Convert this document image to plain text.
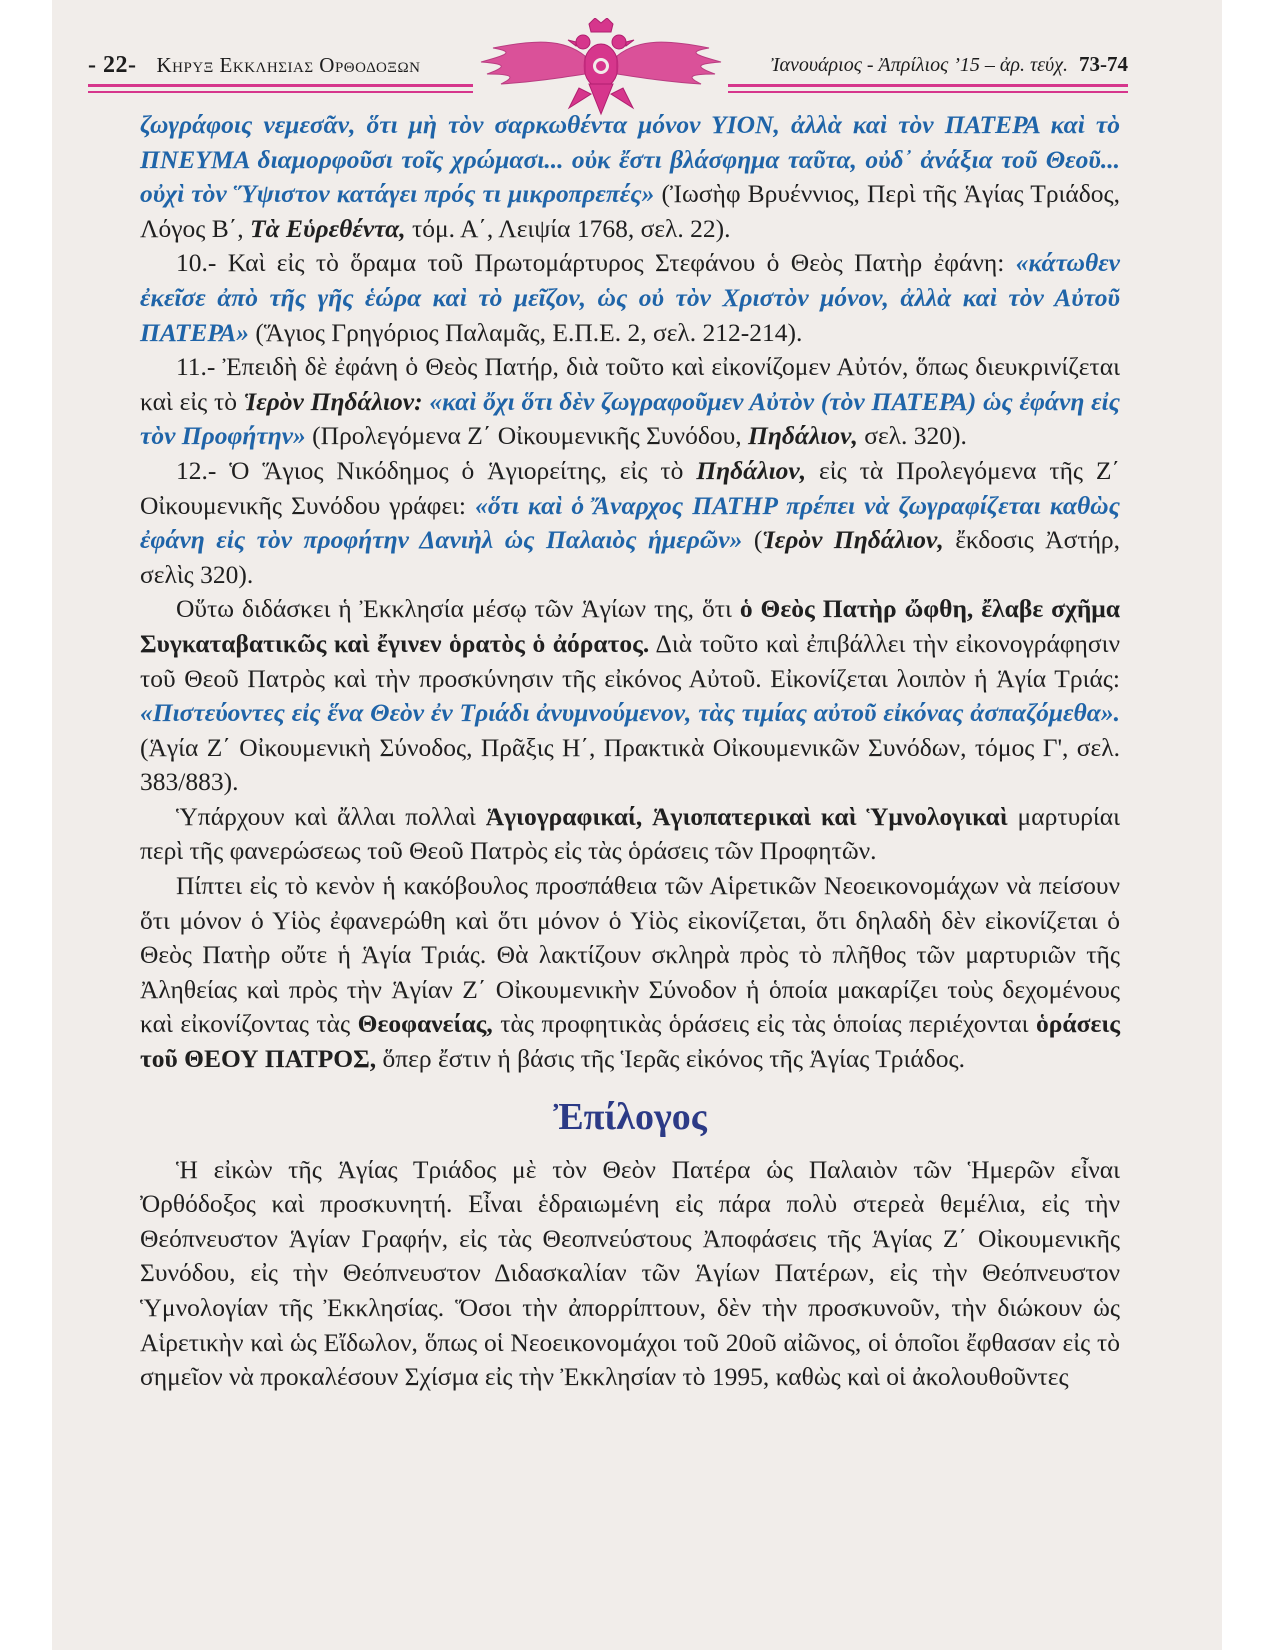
- 22- Κηρυξ Εκκλησιας Ορθοδοξων	Ἰανουάριος - Ἀπρίλιος ’15 – ἀρ. τεύχ. 73-74

ζωγράφοις νεμεσᾶν, ὅτι μὴ τὸν σαρκωθέντα μόνον ΥΙΟΝ, ἀλλὰ καὶ τὸν ΠΑΤΕΡΑ καὶ τὸ ΠΝΕΥΜΑ διαμορφοῦσι τοῖς χρώμασι... οὐκ ἔστι βλάσφημα ταῦτα, οὐδ᾽ ἀνάξια τοῦ Θεοῦ... οὐχὶ τὸν Ὕψιστον κατάγει πρός τι μικροπρεπές» (Ἰωσὴφ Βρυέννιος, Περὶ τῆς Ἁγίας Τριάδος, Λόγος Β΄, Τὰ Εὑρεθέντα, τόμ. Α΄, Λειψία 1768, σελ. 22).

10.- Καὶ εἰς τὸ ὅραμα τοῦ Πρωτομάρτυρος Στεφάνου ὁ Θεὸς Πατὴρ ἐφάνη: «κάτωθεν ἐκεῖσε ἀπὸ τῆς γῆς ἑώρα καὶ τὸ μεῖζον, ὡς οὐ τὸν Χριστὸν μόνον, ἀλλὰ καὶ τὸν Αὐτοῦ ΠΑΤΕΡΑ» (Ἅγιος Γρηγόριος Παλαμᾶς, Ε.Π.Ε. 2, σελ. 212-214).

11.- Ἐπειδὴ δὲ ἐφάνη ὁ Θεὸς Πατήρ, διὰ τοῦτο καὶ εἰκονίζομεν Αὐτόν, ὅπως διευκρινίζεται καὶ εἰς τὸ Ἱερὸν Πηδάλιον: «καὶ ὄχι ὅτι δὲν ζωγραφοῦμεν Αὐτὸν (τὸν ΠΑΤΕΡΑ) ὡς ἐφάνη εἰς τὸν Προφήτην» (Προλεγόμενα Ζ΄ Οἰκουμενικῆς Συνόδου, Πηδάλιον, σελ. 320).

12.- Ὁ Ἅγιος Νικόδημος ὁ Ἁγιορείτης, εἰς τὸ Πηδάλιον, εἰς τὰ Προλεγόμενα τῆς Ζ΄ Οἰκουμενικῆς Συνόδου γράφει: «ὅτι καὶ ὁ Ἄναρχος ΠΑΤΗΡ πρέπει νὰ ζωγραφίζεται καθὼς ἐφάνη εἰς τὸν προφήτην Δανιὴλ ὡς Παλαιὸς ἡμερῶν» (Ἱερὸν Πηδάλιον, ἔκδοσις Ἀστήρ, σελὶς 320).

Οὕτω διδάσκει ἡ Ἐκκλησία μέσῳ τῶν Ἁγίων της, ὅτι ὁ Θεὸς Πατὴρ ὤφθη, ἔλαβε σχῆμα Συγκαταβατικῶς καὶ ἔγινεν ὁρατὸς ὁ ἀόρατος. Διὰ τοῦτο καὶ ἐπιβάλλει τὴν εἰκονογράφησιν τοῦ Θεοῦ Πατρὸς καὶ τὴν προσκύνησιν τῆς εἰκόνος Αὐτοῦ. Εἰκονίζεται λοιπὸν ἡ Ἁγία Τριάς: «Πιστεύοντες εἰς ἕνα Θεὸν ἐν Τριάδι ἀνυμνούμενον, τὰς τιμίας αὐτοῦ εἰκόνας ἀσπαζόμεθα». (Ἁγία Ζ΄ Οἰκουμενικὴ Σύνοδος, Πρᾶξις Η΄, Πρακτικὰ Οἰκουμενικῶν Συνόδων, τόμος Γ', σελ. 383/883).

Ὑπάρχουν καὶ ἄλλαι πολλαὶ Ἁγιογραφικαί, Ἁγιοπατερικαὶ καὶ Ὑμνολογικαὶ μαρτυρίαι περὶ τῆς φανερώσεως τοῦ Θεοῦ Πατρὸς εἰς τὰς ὁράσεις τῶν Προφητῶν.

Πίπτει εἰς τὸ κενὸν ἡ κακόβουλος προσπάθεια τῶν Αἱρετικῶν Νεοεικονομάχων νὰ πείσουν ὅτι μόνον ὁ Υἱὸς ἐφανερώθη καὶ ὅτι μόνον ὁ Υἱὸς εἰκονίζεται, ὅτι δηλαδὴ δὲν εἰκονίζεται ὁ Θεὸς Πατὴρ οὔτε ἡ Ἁγία Τριάς. Θὰ λακτίζουν σκληρὰ πρὸς τὸ πλῆθος τῶν μαρτυριῶν τῆς Ἀληθείας καὶ πρὸς τὴν Ἁγίαν Ζ΄ Οἰκουμενικὴν Σύνοδον ἡ ὁποία μακαρίζει τοὺς δεχομένους καὶ εἰκονίζοντας τὰς Θεοφανείας, τὰς προφητικὰς ὁράσεις εἰς τὰς ὁποίας περιέχονται ὁράσεις τοῦ ΘΕΟΥ ΠΑΤΡΟΣ, ὅπερ ἔστιν ἡ βάσις τῆς Ἱερᾶς εἰκόνος τῆς Ἁγίας Τριάδος.

Ἐπίλογος

Ἡ εἰκὼν τῆς Ἁγίας Τριάδος μὲ τὸν Θεὸν Πατέρα ὡς Παλαιὸν τῶν Ἡμερῶν εἶναι Ὀρθόδοξος καὶ προσκυνητή. Εἶναι ἑδραιωμένη εἰς πάρα πολὺ στερεὰ θεμέλια, εἰς τὴν Θεόπνευστον Ἁγίαν Γραφήν, εἰς τὰς Θεοπνεύστους Ἀποφάσεις τῆς Ἁγίας Ζ΄ Οἰκουμενικῆς Συνόδου, εἰς τὴν Θεόπνευστον Διδασκαλίαν τῶν Ἁγίων Πατέρων, εἰς τὴν Θεόπνευστον Ὑμνολογίαν τῆς Ἐκκλησίας. Ὅσοι τὴν ἀπορρίπτουν, δὲν τὴν προσκυνοῦν, τὴν διώκουν ὡς Αἱρετικὴν καὶ ὡς Εἴδωλον, ὅπως οἱ Νεοεικονομάχοι τοῦ 20οῦ αἰῶνος, οἱ ὁποῖοι ἔφθασαν εἰς τὸ σημεῖον νὰ προκαλέσουν Σχίσμα εἰς τὴν Ἐκκλησίαν τὸ 1995, καθὼς καὶ οἱ ἀκολουθοῦντες
